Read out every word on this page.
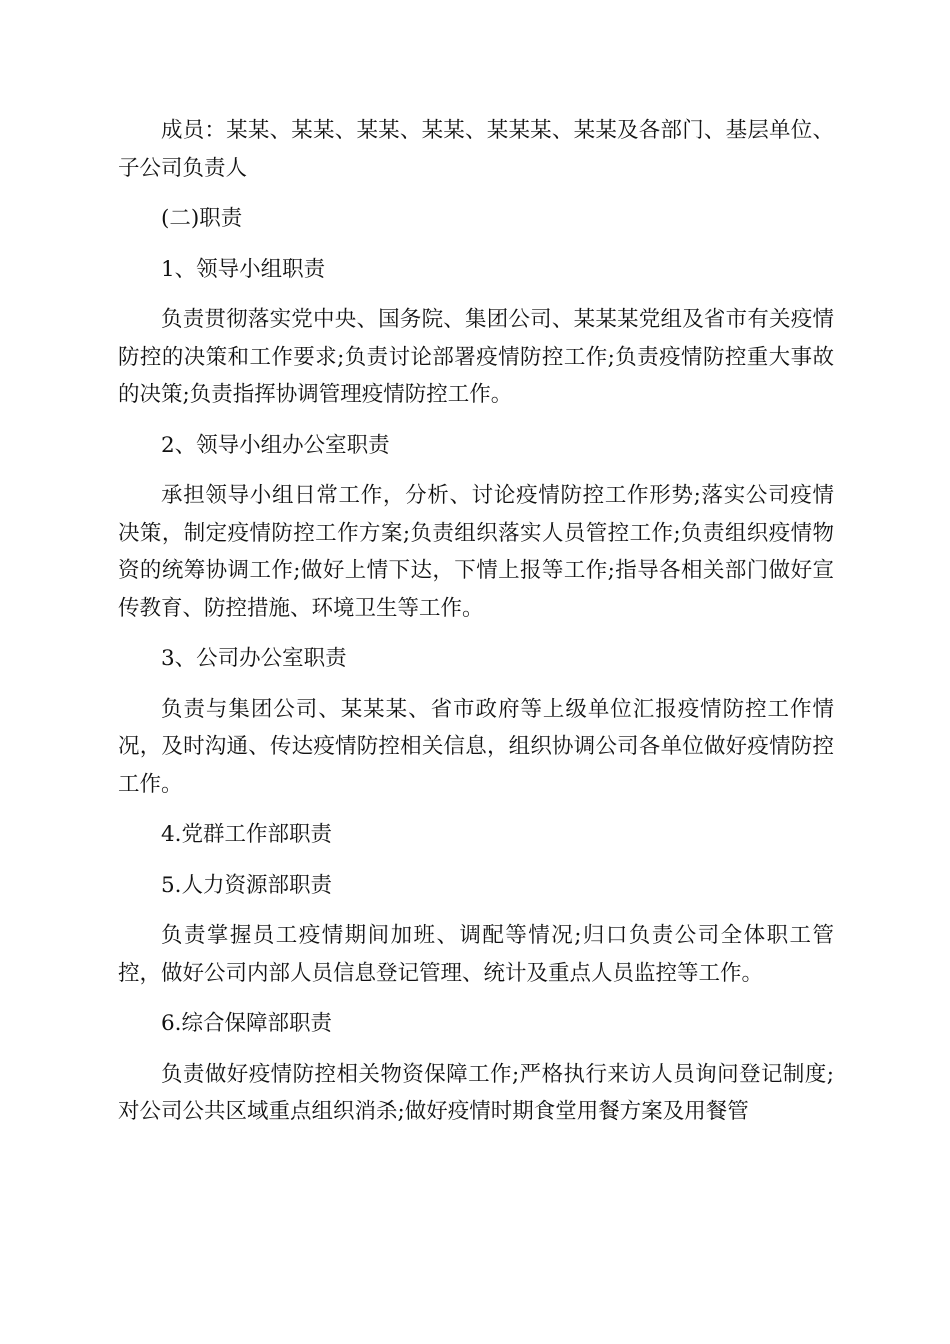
成员：某某、某某、某某、某某、某某某、某某及各部门、基层单位、子公司负责人

(二)职责

1、领导小组职责

负责贯彻落实党中央、国务院、集团公司、某某某党组及省市有关疫情防控的决策和工作要求;负责讨论部署疫情防控工作;负责疫情防控重大事故的决策;负责指挥协调管理疫情防控工作。

2、领导小组办公室职责

承担领导小组日常工作，分析、讨论疫情防控工作形势;落实公司疫情决策，制定疫情防控工作方案;负责组织落实人员管控工作;负责组织疫情物资的统筹协调工作;做好上情下达，下情上报等工作;指导各相关部门做好宣传教育、防控措施、环境卫生等工作。

3、公司办公室职责

负责与集团公司、某某某、省市政府等上级单位汇报疫情防控工作情况，及时沟通、传达疫情防控相关信息，组织协调公司各单位做好疫情防控工作。

4.党群工作部职责

5.人力资源部职责

负责掌握员工疫情期间加班、调配等情况;归口负责公司全体职工管控，做好公司内部人员信息登记管理、统计及重点人员监控等工作。

6.综合保障部职责

负责做好疫情防控相关物资保障工作;严格执行来访人员询问登记制度;对公司公共区域重点组织消杀;做好疫情时期食堂用餐方案及用餐管
